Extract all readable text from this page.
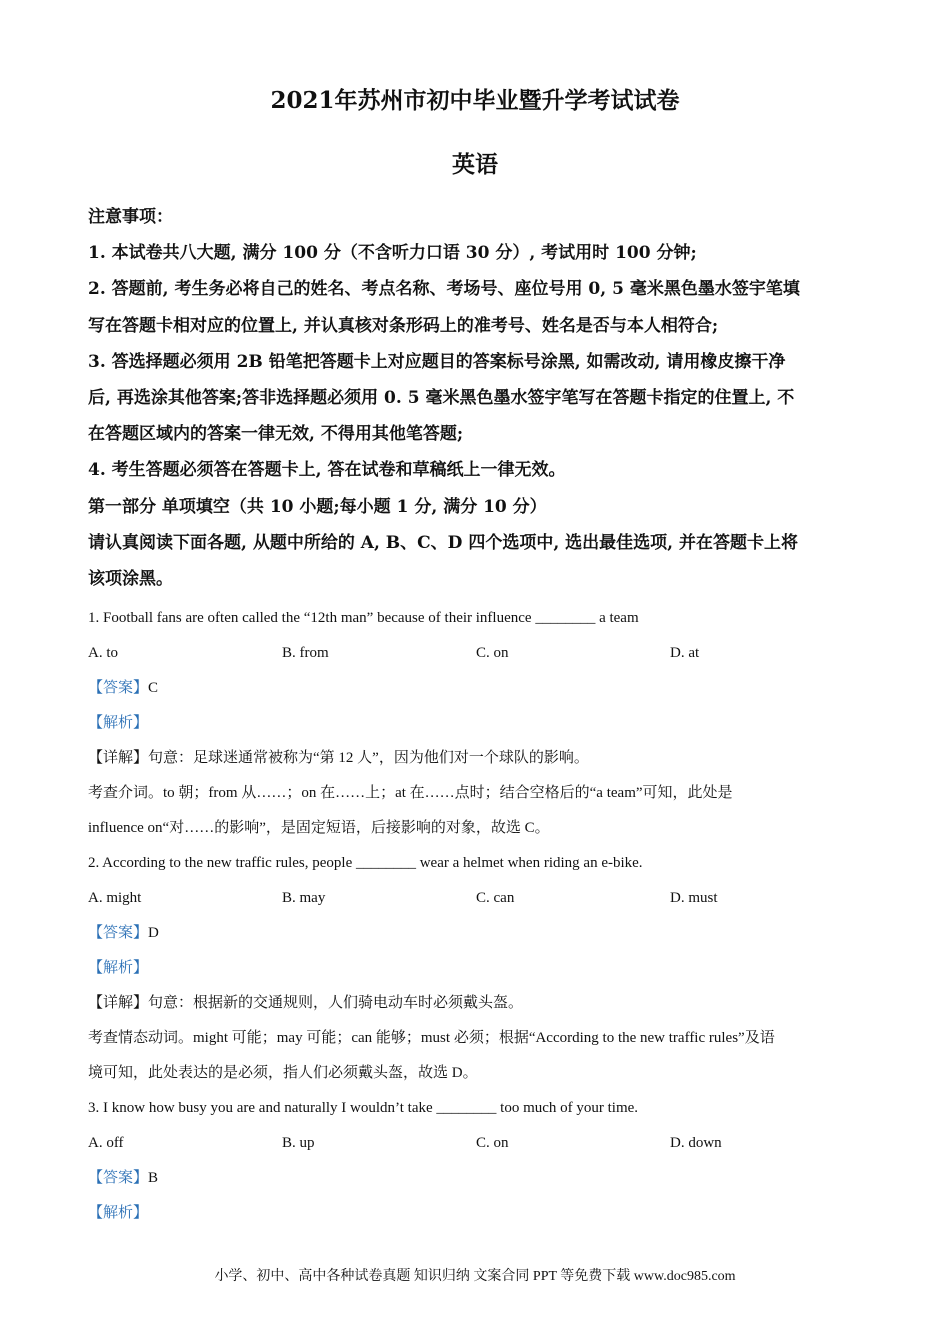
2021年苏州市初中毕业暨升学考试试卷
英语
注意事项：
1. 本试卷共八大题, 满分 100 分（不含听力口语 30 分）, 考试用时 100 分钟;
2. 答题前, 考生务必将自己的姓名、考点名称、考场号、座位号用 0, 5 毫米黑色墨水签宇笔填
写在答题卡相对应的位置上, 并认真核对条形码上的准考号、姓名是否与本人相符合;
3. 答选择题必须用 2B 铅笔把答题卡上对应题目的答案标号涂黑, 如需改动, 请用橡皮擦干净
后, 再选涂其他答案;答非选择题必须用 0. 5 毫米黑色墨水签宇笔写在答题卡指定的住置上, 不
在答题区域内的答案一律无效, 不得用其他笔答题;
4. 考生答题必须答在答题卡上, 答在试卷和草稿纸上一律无效。
第一部分 单项填空（共 10 小题;每小题 1 分, 满分 10 分）
请认真阅读下面各题, 从题中所给的 A, B、C、D 四个选项中, 选出最佳选项, 并在答题卡上将
该项涂黑。
1. Football fans are often called the “12th man” because of their influence ________ a team
A. to	B. from	C. on	D. at
【答案】C
【解析】
【详解】句意：足球迷通常被称为“第 12 人”，因为他们对一个球队的影响。
考查介词。to 朝；from 从……；on 在……上；at 在……点时；结合空格后的“a team”可知，此处是
influence on“对……的影响”，是固定短语，后接影响的对象，故选 C。
2. According to the new traffic rules, people ________ wear a helmet when riding an e-bike.
A. might	B. may	C. can	D. must
【答案】D
【解析】
【详解】句意：根据新的交通规则，人们骑电动车时必须戴头盔。
考查情态动词。might 可能；may 可能；can 能够；must 必须；根据“According to the new traffic rules”及语
境可知，此处表达的是必须，指人们必须戴头盔，故选 D。
3. I know how busy you are and naturally I wouldn’t take ________ too much of your time.
A. off	B. up	C. on	D. down
【答案】B
【解析】
小学、初中、高中各种试卷真题 知识归纳 文案合同 PPT 等免费下载 www.doc985.com
